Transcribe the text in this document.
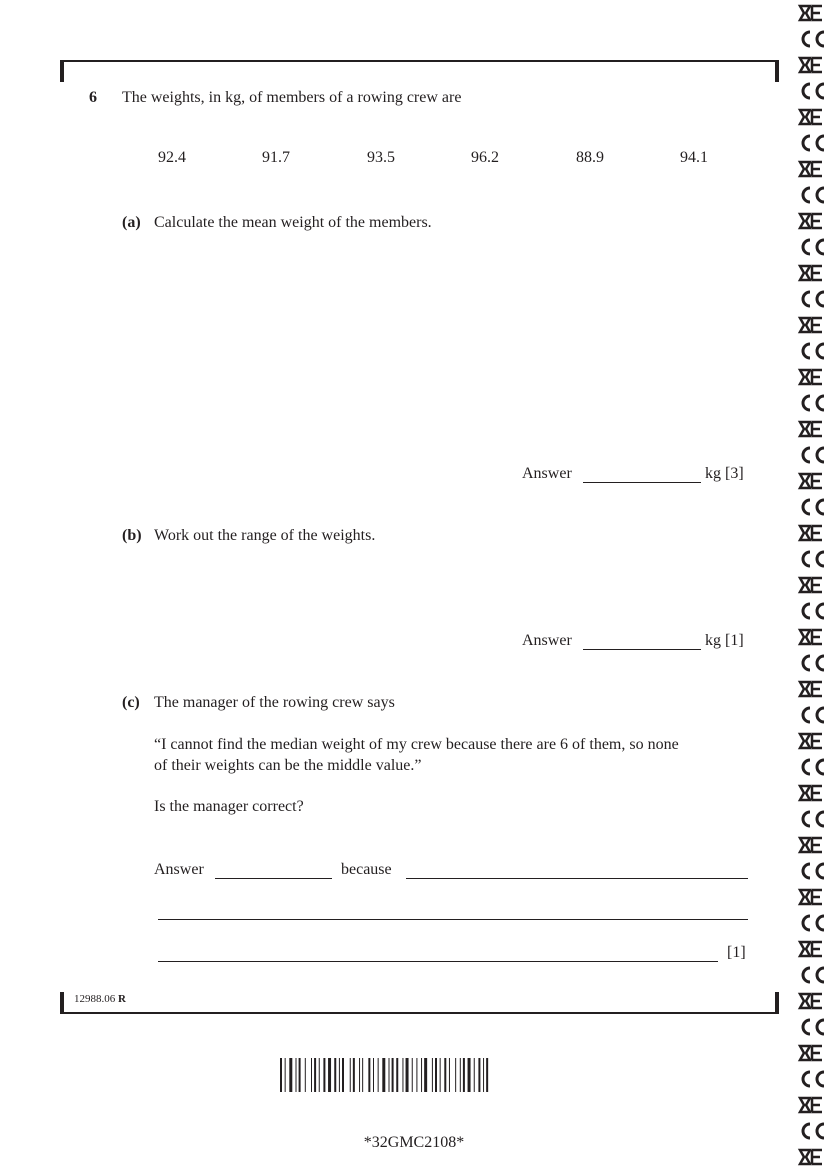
6 The weights, in kg, of members of a rowing crew are
92.4	91.7	93.5	96.2	88.9	94.1
(a) Calculate the mean weight of the members.
Answer	kg [3]
(b) Work out the range of the weights.
Answer	kg [1]
(c) The manager of the rowing crew says
“I cannot find the median weight of my crew because there are 6 of them, so none
of their weights can be the middle value.”
Is the manager correct?
Answer	because
[1]
12988.06 R
*32GMC2108*
